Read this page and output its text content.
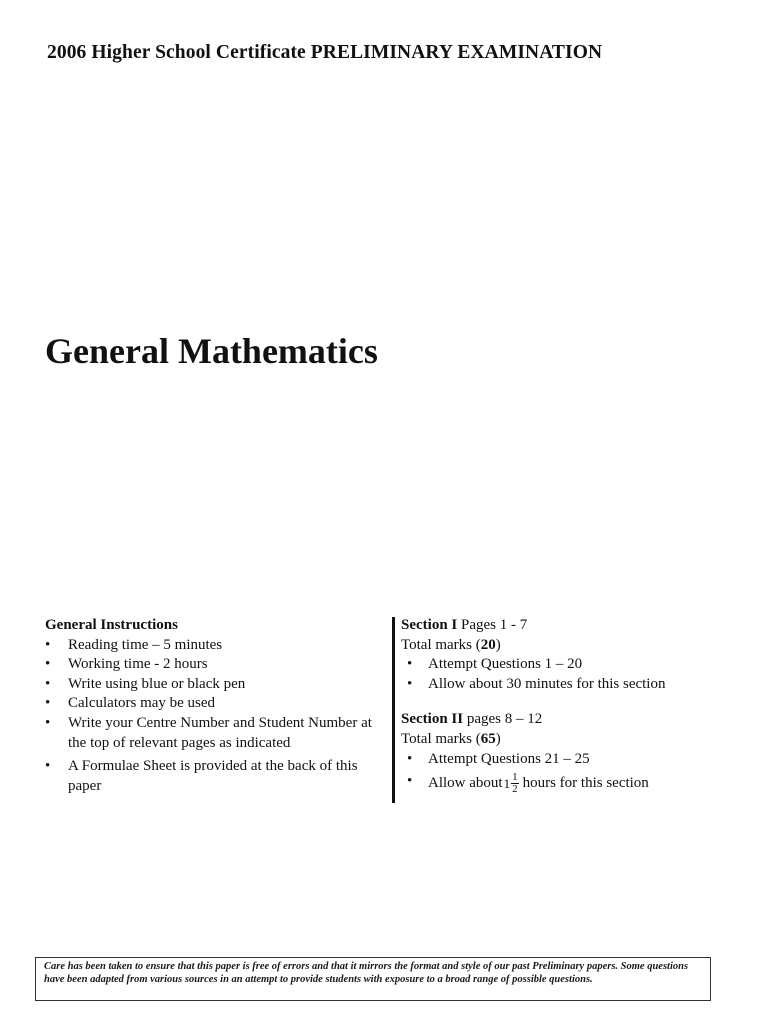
2006 Higher School Certificate PRELIMINARY EXAMINATION
General Mathematics
General Instructions
• Reading time – 5 minutes
• Working time - 2 hours
• Write using blue or black pen
• Calculators may be used
• Write your Centre Number and Student Number at the top of relevant pages as indicated
• A Formulae Sheet is provided at the back of this paper
Section I Pages 1 - 7
Total marks (20)
• Attempt Questions 1 – 20
• Allow about 30 minutes for this section
Section II pages 8 – 12
Total marks (65)
• Attempt Questions 21 – 25
• Allow about $1 \frac{1}{2}$ hours for this section
Care has been taken to ensure that this paper is free of errors and that it mirrors the format and style of our past Preliminary papers. Some questions have been adapted from various sources in an attempt to provide students with exposure to a broad range of possible questions.
